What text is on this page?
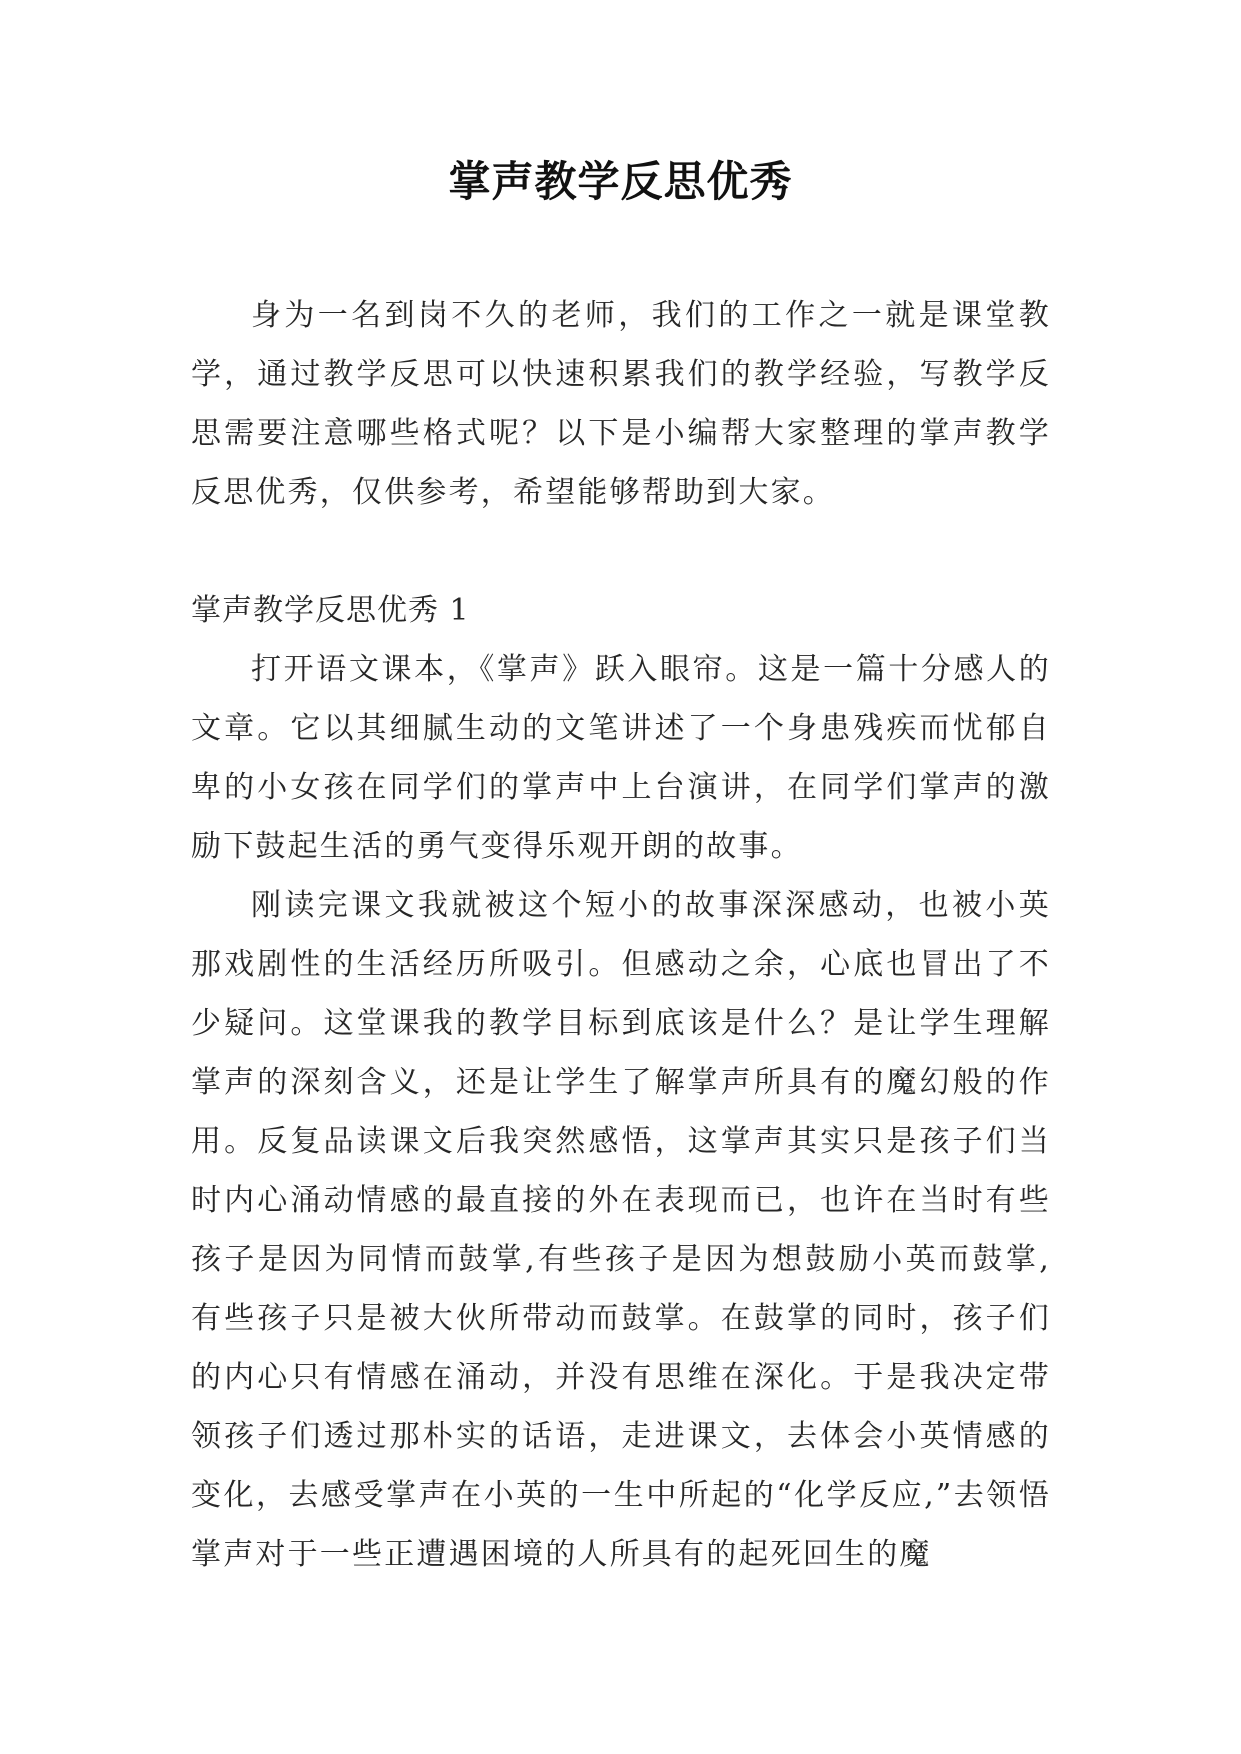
掌声教学反思优秀

身为一名到岗不久的老师，我们的工作之一就是课堂教学，通过教学反思可以快速积累我们的教学经验，写教学反思需要注意哪些格式呢？以下是小编帮大家整理的掌声教学反思优秀，仅供参考，希望能够帮助到大家。

掌声教学反思优秀 1

打开语文课本，《掌声》跃入眼帘。这是一篇十分感人的文章。它以其细腻生动的文笔讲述了一个身患残疾而忧郁自卑的小女孩在同学们的掌声中上台演讲，在同学们掌声的激励下鼓起生活的勇气变得乐观开朗的故事。

刚读完课文我就被这个短小的故事深深感动，也被小英那戏剧性的生活经历所吸引。但感动之余，心底也冒出了不少疑问。这堂课我的教学目标到底该是什么？是让学生理解掌声的深刻含义，还是让学生了解掌声所具有的魔幻般的作用。反复品读课文后我突然感悟，这掌声其实只是孩子们当时内心涌动情感的最直接的外在表现而已，也许在当时有些孩子是因为同情而鼓掌,有些孩子是因为想鼓励小英而鼓掌,有些孩子只是被大伙所带动而鼓掌。在鼓掌的同时，孩子们的内心只有情感在涌动，并没有思维在深化。于是我决定带领孩子们透过那朴实的话语，走进课文，去体会小英情感的变化，去感受掌声在小英的一生中所起的“化学反应,”去领悟掌声对于一些正遭遇困境的人所具有的起死回生的魔
